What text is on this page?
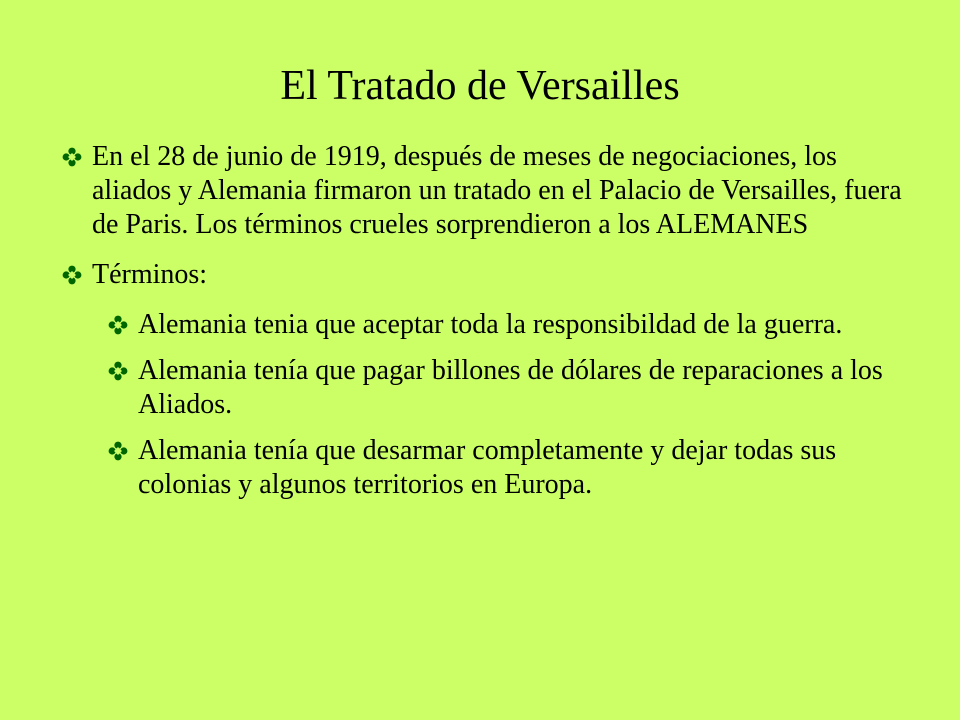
El Tratado de Versailles
En el 28 de junio de 1919, después de meses de negociaciones, los aliados y Alemania firmaron un tratado en el Palacio de Versailles, fuera de Paris. Los términos crueles sorprendieron a los ALEMANES
Términos:
Alemania tenia que aceptar toda la responsibildad de la guerra.
Alemania tenía que pagar billones de dólares de reparaciones a los Aliados.
Alemania tenía que desarmar completamente y dejar todas sus colonias y algunos territorios en Europa.
